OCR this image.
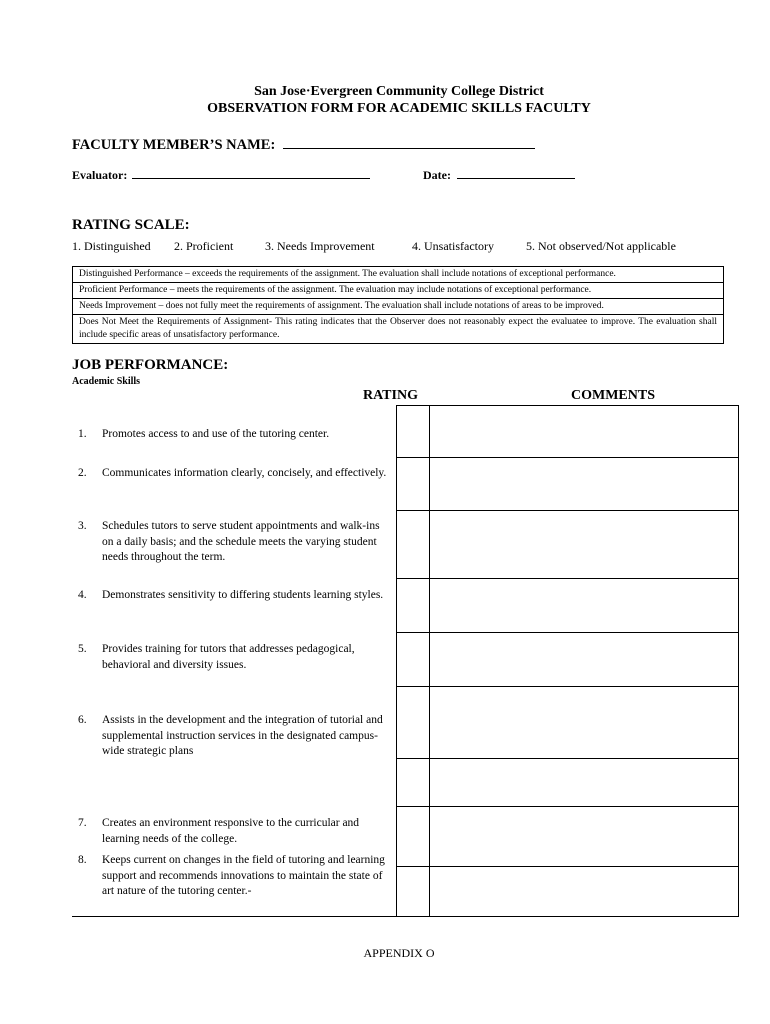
San Jose·Evergreen Community College District
OBSERVATION FORM FOR ACADEMIC SKILLS FACULTY
FACULTY MEMBER’S NAME:
Evaluator:	Date:
RATING SCALE:
1. Distinguished 2. Proficient	3. Needs Improvement	4. Unsatisfactory	5. Not observed/Not applicable
Distinguished Performance – exceeds the requirements of the assignment. The evaluation shall include notations of exceptional performance.
Proficient Performance – meets the requirements of the assignment. The evaluation may include notations of exceptional performance.
Needs Improvement – does not fully meet the requirements of assignment. The evaluation shall include notations of areas to be improved.
Does Not Meet the Requirements of Assignment- This rating indicates that the Observer does not reasonably expect the evaluatee to improve. The evaluation shall include specific areas of unsatisfactory performance.
JOB PERFORMANCE:
Academic Skills
RATING	COMMENTS
1.	Promotes access to and use of the tutoring center.
2.	Communicates information clearly, concisely, and effectively.
3.	Schedules tutors to serve student appointments and walk-ins on a daily basis; and the schedule meets the varying student needs throughout the term.
4.	Demonstrates sensitivity to differing students learning styles.
5.	Provides training for tutors that addresses pedagogical, behavioral and diversity issues.
6.	Assists in the development and the integration of tutorial and supplemental instruction services in the designated campus-wide strategic plans
7.	Creates an environment responsive to the curricular and learning needs of the college.
8.	Keeps current on changes in the field of tutoring and learning support and recommends innovations to maintain the state of art nature of the tutoring center.-
APPENDIX O
